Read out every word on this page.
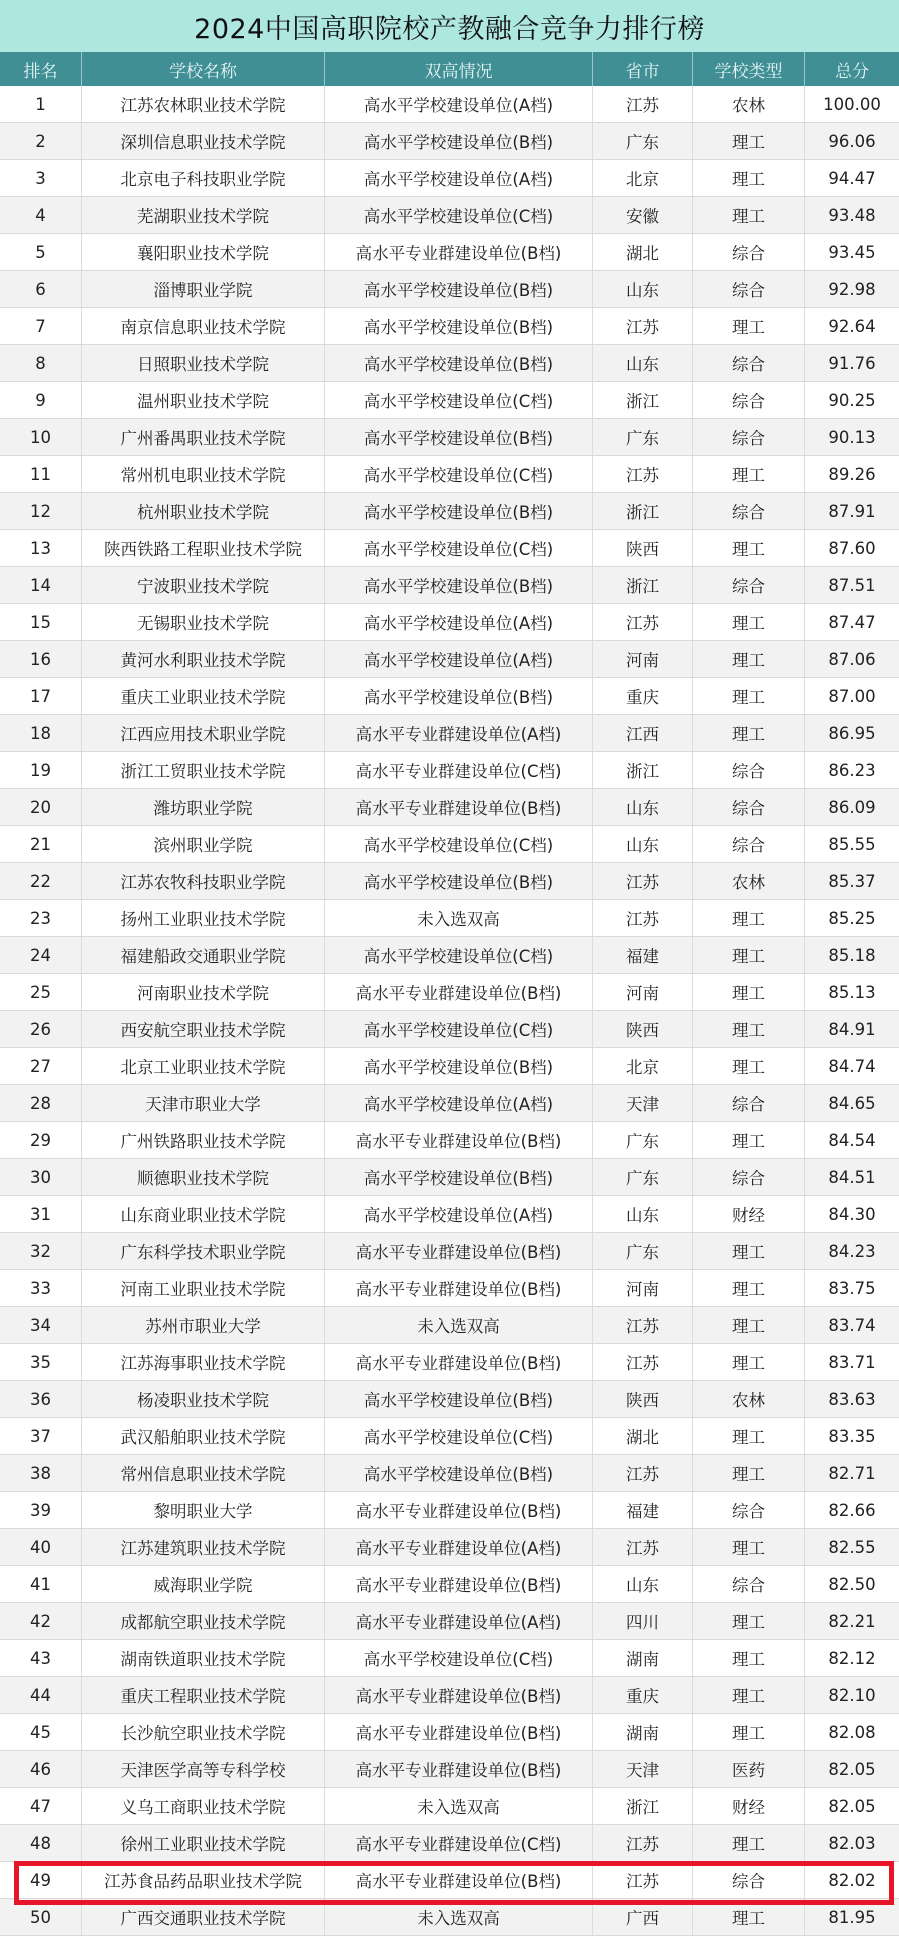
2024中国高职院校产教融合竞争力排行榜
排名	学校名称	双高情况	省市	学校类型	总分
1	江苏农林职业技术学院	高水平学校建设单位(A档)	江苏	农林	100.00
2	深圳信息职业技术学院	高水平学校建设单位(B档)	广东	理工	96.06
3	北京电子科技职业学院	高水平学校建设单位(A档)	北京	理工	94.47
4	芜湖职业技术学院	高水平学校建设单位(C档)	安徽	理工	93.48
5	襄阳职业技术学院	高水平专业群建设单位(B档)	湖北	综合	93.45
6	淄博职业学院	高水平学校建设单位(B档)	山东	综合	92.98
7	南京信息职业技术学院	高水平学校建设单位(B档)	江苏	理工	92.64
8	日照职业技术学院	高水平学校建设单位(B档)	山东	综合	91.76
9	温州职业技术学院	高水平学校建设单位(C档)	浙江	综合	90.25
10	广州番禺职业技术学院	高水平学校建设单位(B档)	广东	综合	90.13
11	常州机电职业技术学院	高水平学校建设单位(C档)	江苏	理工	89.26
12	杭州职业技术学院	高水平学校建设单位(B档)	浙江	综合	87.91
13	陕西铁路工程职业技术学院	高水平学校建设单位(C档)	陕西	理工	87.60
14	宁波职业技术学院	高水平学校建设单位(B档)	浙江	综合	87.51
15	无锡职业技术学院	高水平学校建设单位(A档)	江苏	理工	87.47
16	黄河水利职业技术学院	高水平学校建设单位(A档)	河南	理工	87.06
17	重庆工业职业技术学院	高水平学校建设单位(B档)	重庆	理工	87.00
18	江西应用技术职业学院	高水平专业群建设单位(A档)	江西	理工	86.95
19	浙江工贸职业技术学院	高水平专业群建设单位(C档)	浙江	综合	86.23
20	潍坊职业学院	高水平专业群建设单位(B档)	山东	综合	86.09
21	滨州职业学院	高水平学校建设单位(C档)	山东	综合	85.55
22	江苏农牧科技职业学院	高水平学校建设单位(B档)	江苏	农林	85.37
23	扬州工业职业技术学院	未入选双高	江苏	理工	85.25
24	福建船政交通职业学院	高水平学校建设单位(C档)	福建	理工	85.18
25	河南职业技术学院	高水平专业群建设单位(B档)	河南	理工	85.13
26	西安航空职业技术学院	高水平学校建设单位(C档)	陕西	理工	84.91
27	北京工业职业技术学院	高水平学校建设单位(B档)	北京	理工	84.74
28	天津市职业大学	高水平学校建设单位(A档)	天津	综合	84.65
29	广州铁路职业技术学院	高水平专业群建设单位(B档)	广东	理工	84.54
30	顺德职业技术学院	高水平学校建设单位(B档)	广东	综合	84.51
31	山东商业职业技术学院	高水平学校建设单位(A档)	山东	财经	84.30
32	广东科学技术职业学院	高水平专业群建设单位(B档)	广东	理工	84.23
33	河南工业职业技术学院	高水平专业群建设单位(B档)	河南	理工	83.75
34	苏州市职业大学	未入选双高	江苏	理工	83.74
35	江苏海事职业技术学院	高水平专业群建设单位(B档)	江苏	理工	83.71
36	杨凌职业技术学院	高水平学校建设单位(B档)	陕西	农林	83.63
37	武汉船舶职业技术学院	高水平学校建设单位(C档)	湖北	理工	83.35
38	常州信息职业技术学院	高水平学校建设单位(B档)	江苏	理工	82.71
39	黎明职业大学	高水平专业群建设单位(B档)	福建	综合	82.66
40	江苏建筑职业技术学院	高水平专业群建设单位(A档)	江苏	理工	82.55
41	威海职业学院	高水平专业群建设单位(B档)	山东	综合	82.50
42	成都航空职业技术学院	高水平专业群建设单位(A档)	四川	理工	82.21
43	湖南铁道职业技术学院	高水平学校建设单位(C档)	湖南	理工	82.12
44	重庆工程职业技术学院	高水平专业群建设单位(B档)	重庆	理工	82.10
45	长沙航空职业技术学院	高水平专业群建设单位(B档)	湖南	理工	82.08
46	天津医学高等专科学校	高水平专业群建设单位(B档)	天津	医药	82.05
47	义乌工商职业技术学院	未入选双高	浙江	财经	82.05
48	徐州工业职业技术学院	高水平专业群建设单位(C档)	江苏	理工	82.03
49	江苏食品药品职业技术学院	高水平专业群建设单位(B档)	江苏	综合	82.02
50	广西交通职业技术学院	未入选双高	广西	理工	81.95
